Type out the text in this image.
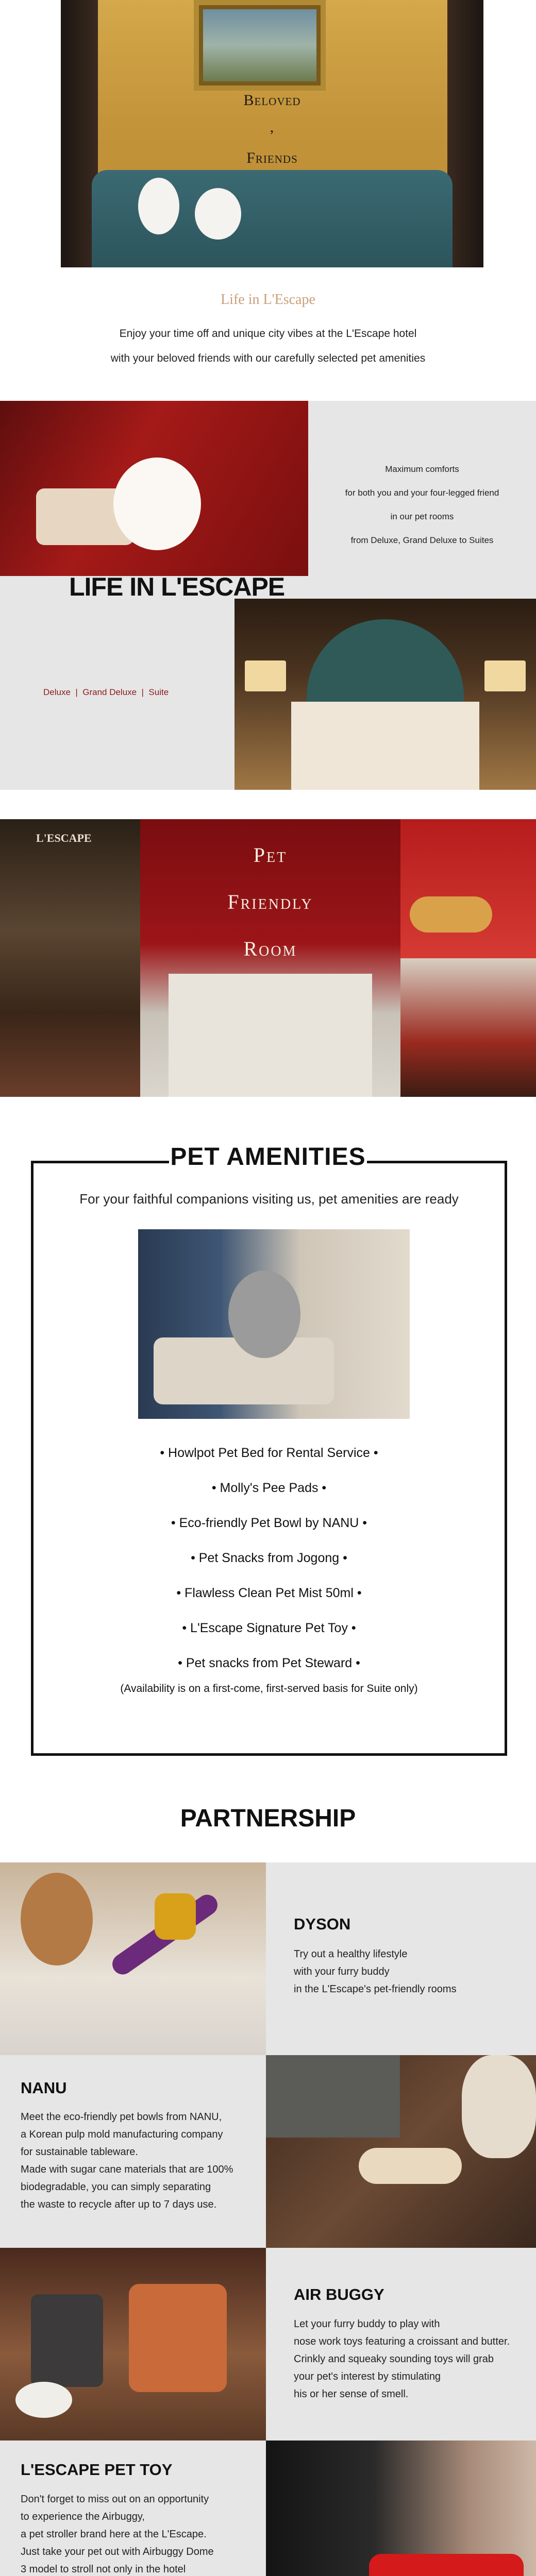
Beloved
,
Friends
Life in L'Escape
Enjoy your time off and unique city vibes at the L'Escape hotel
with your beloved friends with our carefully selected pet amenities
Maximum comforts
for both you and your four-legged friend
in our pet rooms
from Deluxe, Grand Deluxe to Suites
LIFE IN L'ESCAPE
Deluxe  |  Grand Deluxe  |  Suite
L'ESCAPE
Pet
Friendly
Room
PET AMENITIES
For your faithful companions visiting us, pet amenities are ready
• Howlpot Pet Bed for Rental Service •
• Molly's Pee Pads •
• Eco-friendly Pet Bowl by NANU •
• Pet Snacks from Jogong •
• Flawless Clean Pet Mist 50ml •
• L'Escape Signature Pet Toy •
• Pet snacks from Pet Steward •
(Availability is on a first-come, first-served basis for Suite only)
PARTNERSHIP
DYSON
Try out a healthy lifestyle
with your furry buddy
in the L'Escape's pet-friendly rooms
NANU
Meet the eco-friendly pet bowls from NANU,
a Korean pulp mold manufacturing company
for sustainable tableware.
Made with sugar cane materials that are 100%
biodegradable, you can simply separating
the waste to recycle after up to 7 days use.
AIR BUGGY
Let your furry buddy to play with
nose work toys featuring a croissant and butter.
Crinkly and squeaky sounding toys will grab
your pet's interest by stimulating
his or her sense of smell.
L'ESCAPE PET TOY
Don't forget to miss out on an opportunity
to experience the Airbuggy,
a pet stroller brand here at the L'Escape.
Just take your pet out with Airbuggy Dome
3 model to stroll not only in the hotel
